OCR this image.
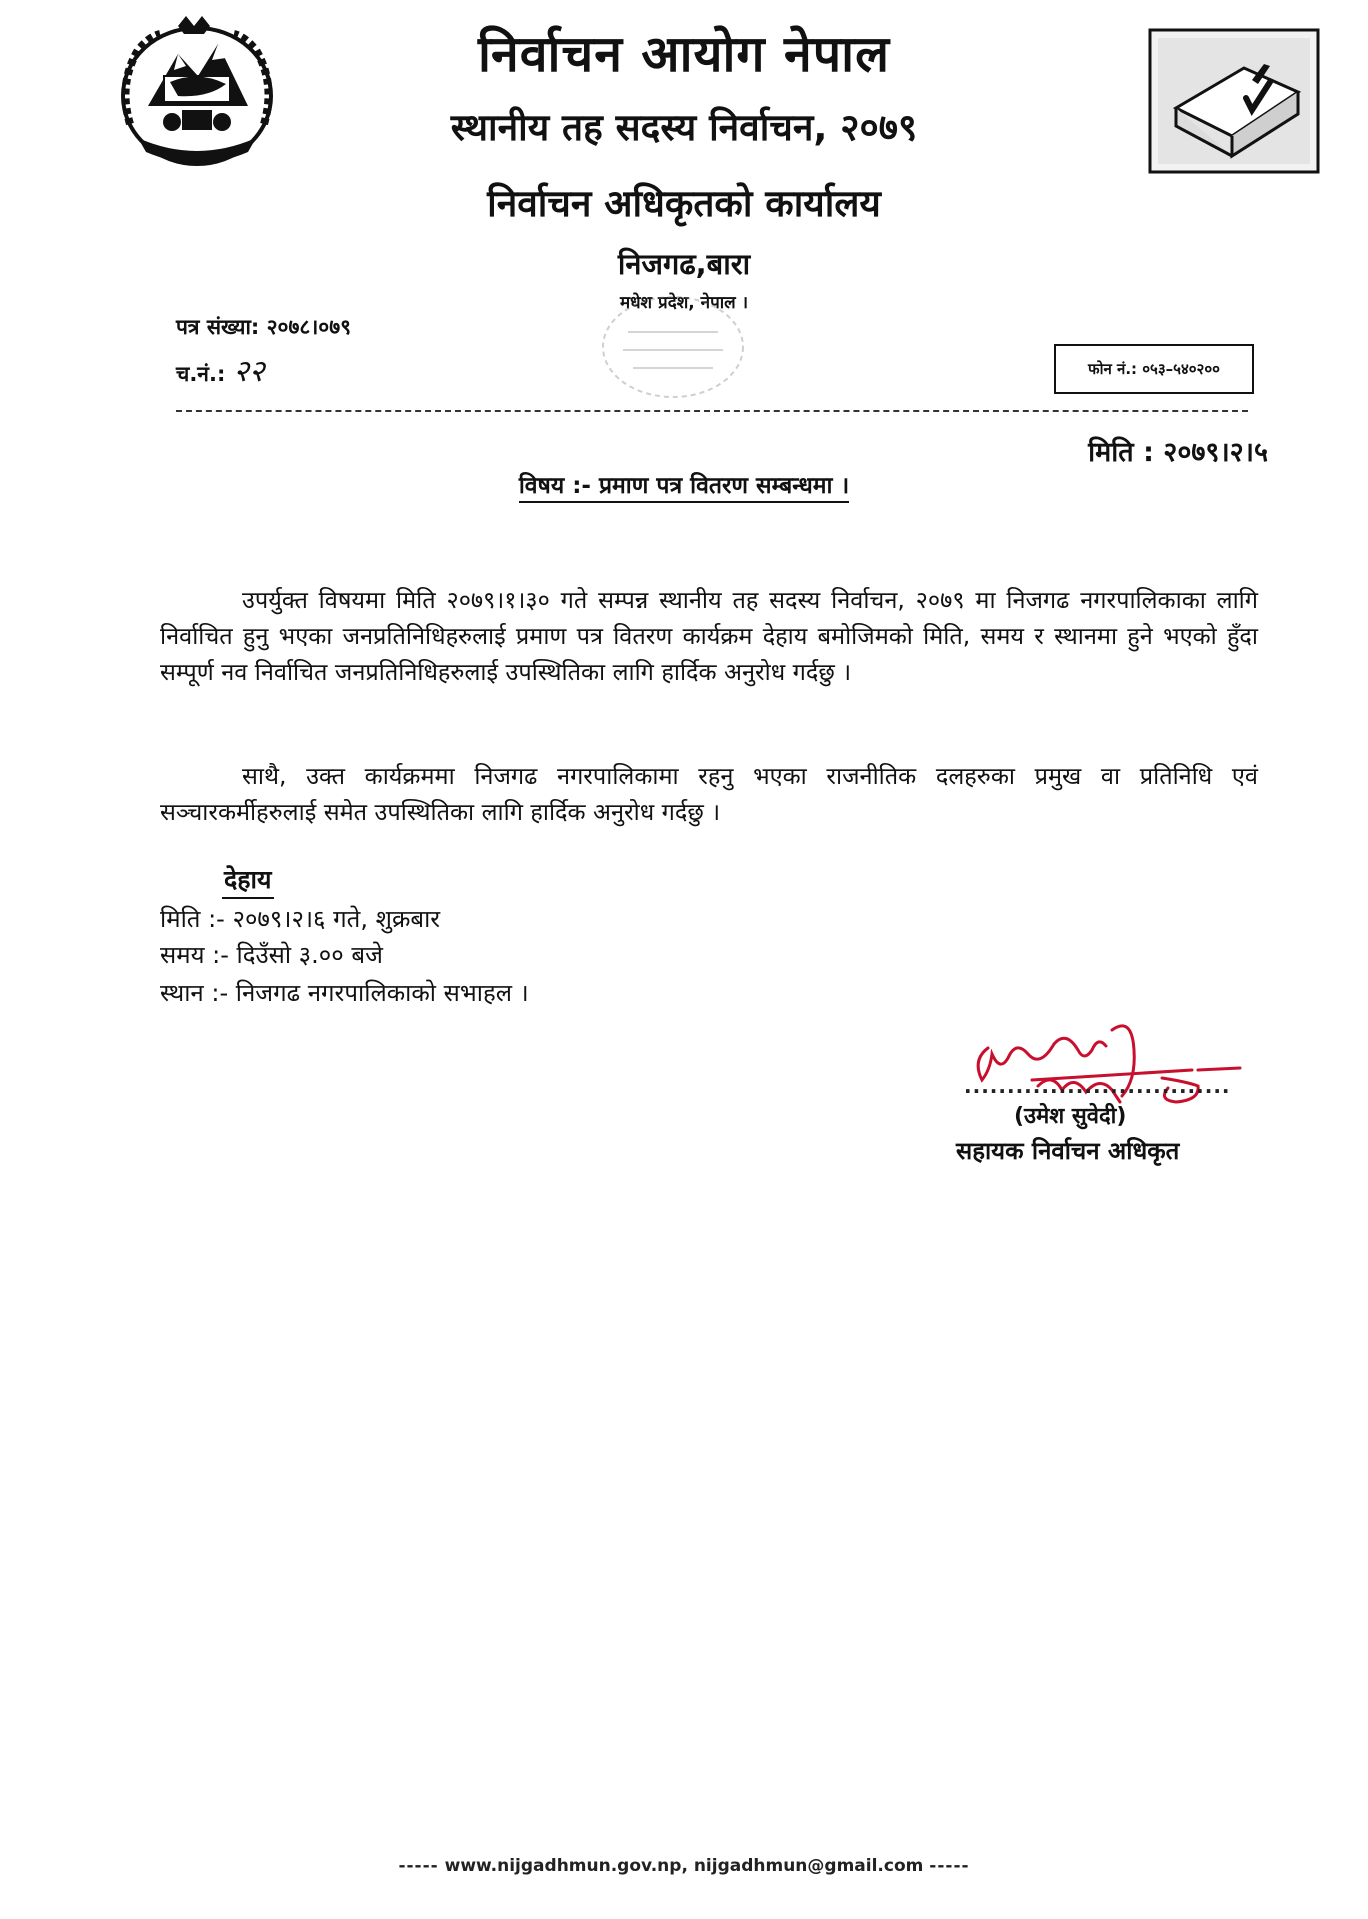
निर्वाचन आयोग नेपाल
स्थानीय तह सदस्य निर्वाचन, २०७९
निर्वाचन अधिकृतको कार्यालय
निजगढ,बारा
मधेश प्रदेश, नेपाल ।
पत्र संख्या: २०७८।०७९
च.नं.: २२	फोन नं.: ०५३–५४०२००
मिति : २०७९।२।५
विषय :- प्रमाण पत्र वितरण सम्बन्धमा ।
उपर्युक्त विषयमा मिति २०७९।१।३० गते सम्पन्न स्थानीय तह सदस्य निर्वाचन, २०७९ मा निजगढ नगरपालिकाका लागि निर्वाचित हुनु भएका जनप्रतिनिधिहरुलाई प्रमाण पत्र वितरण कार्यक्रम देहाय बमोजिमको मिति, समय र स्थानमा हुने भएको हुँदा सम्पूर्ण नव निर्वाचित जनप्रतिनिधिहरुलाई उपस्थितिका लागि हार्दिक अनुरोध गर्दछु ।
साथै, उक्त कार्यक्रममा निजगढ नगरपालिकामा रहनु भएका राजनीतिक दलहरुका प्रमुख वा प्रतिनिधि एवं सञ्चारकर्मीहरुलाई समेत उपस्थितिका लागि हार्दिक अनुरोध गर्दछु ।
देहाय
मिति :- २०७९।२।६ गते, शुक्रबार
समय :- दिउँसो ३.०० बजे
स्थान :- निजगढ नगरपालिकाको सभाहल ।
...............................
(उमेश सुवेदी)
सहायक निर्वाचन अधिकृत
----- www.nijgadhmun.gov.np, nijgadhmun@gmail.com -----
